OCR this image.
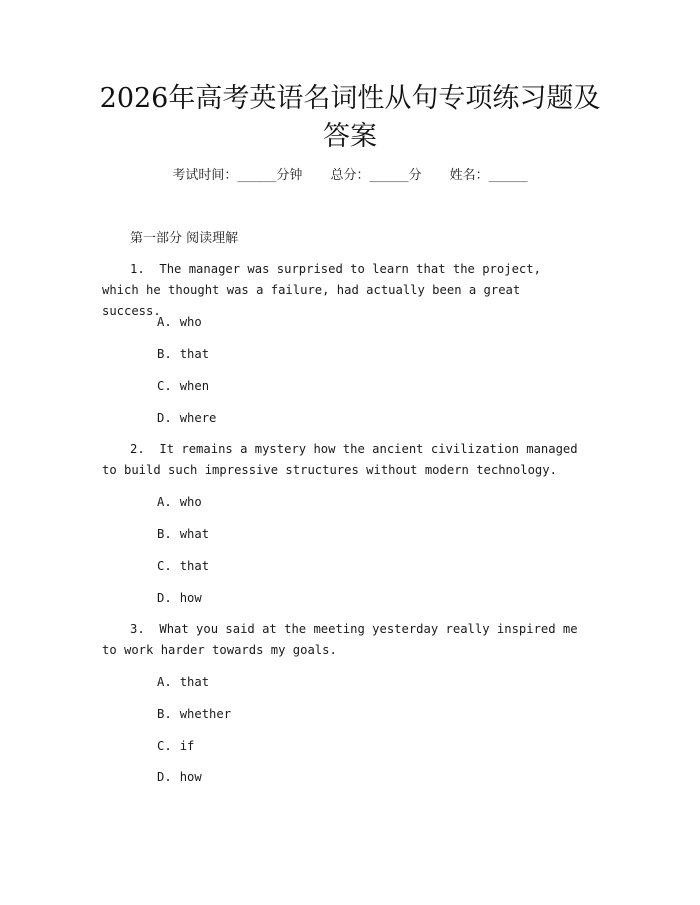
2026年高考英语名词性从句专项练习题及答案
考试时间：______分钟 总分：______分 姓名：______
第一部分 阅读理解
1. The manager was surprised to learn that the project, which he thought was a failure, had actually been a great success.
A. who
B. that
C. when
D. where
2. It remains a mystery how the ancient civilization managed to build such impressive structures without modern technology.
A. who
B. what
C. that
D. how
3. What you said at the meeting yesterday really inspired me to work harder towards my goals.
A. that
B. whether
C. if
D. how
